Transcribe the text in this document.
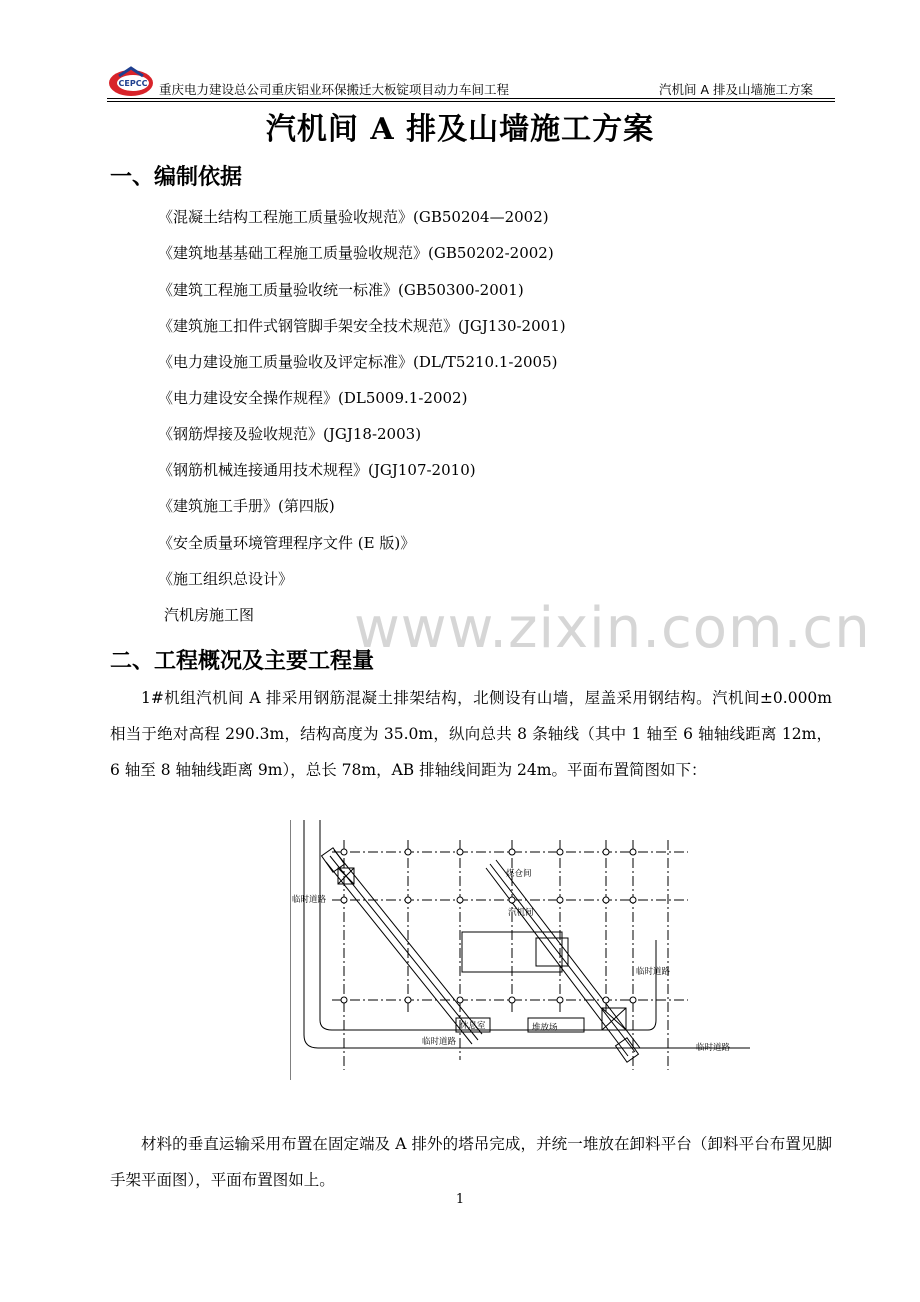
CEPCC 重庆电力建设总公司重庆铝业环保搬迁大板锭项目动力车间工程	汽机间 A 排及山墙施工方案
汽机间 A 排及山墙施工方案
一、编制依据
《混凝土结构工程施工质量验收规范》(GB50204—2002)
《建筑地基基础工程施工质量验收规范》(GB50202-2002)
《建筑工程施工质量验收统一标准》(GB50300-2001)
《建筑施工扣件式钢管脚手架安全技术规范》(JGJ130-2001)
《电力建设施工质量验收及评定标准》(DL/T5210.1-2005)
《电力建设安全操作规程》(DL5009.1-2002)
《钢筋焊接及验收规范》(JGJ18-2003)
《钢筋机械连接通用技术规程》(JGJ107-2010)
《建筑施工手册》(第四版)
《安全质量环境管理程序文件 (E 版)》
《施工组织总设计》
汽机房施工图 www.zixin.com.cn
二、工程概况及主要工程量

1#机组汽机间 A 排采用钢筋混凝土排架结构，北侧设有山墙，屋盖采用钢结构。汽机间±0.000m 相当于绝对高程 290.3m，结构高度为 35.0m，纵向总共 8 条轴线（其中 1 轴至 6 轴轴线距离 12m，6 轴至 8 轴轴线距离 9m），总长 78m，AB 排轴线间距为 24m。平面布置简图如下：

煤仓间
汽机间
临时道路
临时道路
临时道路
临时道路
休息室	堆放场

材料的垂直运输采用布置在固定端及 A 排外的塔吊完成，并统一堆放在卸料平台（卸料平台布置见脚手架平面图），平面布置图如上。

1
